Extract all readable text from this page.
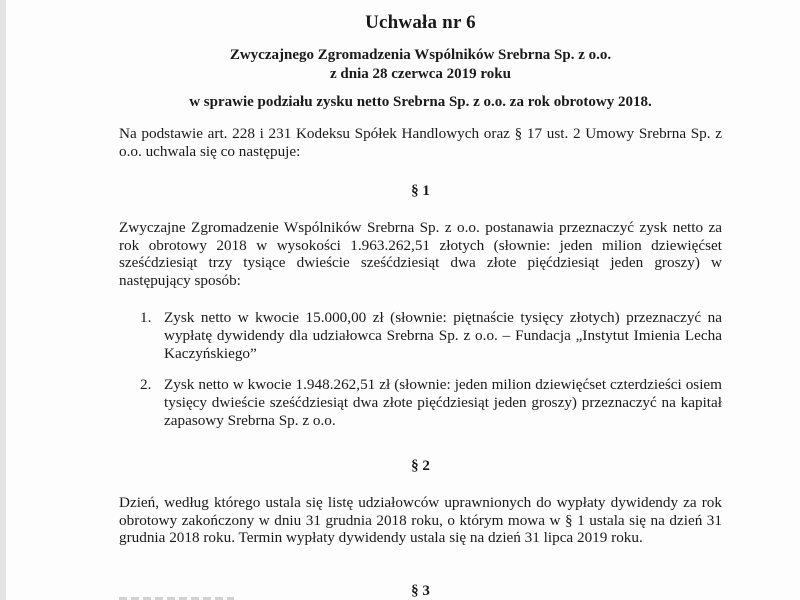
Uchwała nr 6
Zwyczajnego Zgromadzenia Wspólników Srebrna Sp. z o.o.
z dnia 28 czerwca 2019 roku
w sprawie podziału zysku netto Srebrna Sp. z o.o. za rok obrotowy 2018.
Na podstawie art. 228 i 231 Kodeksu Spółek Handlowych oraz § 17 ust. 2 Umowy Srebrna Sp. z o.o. uchwala się co następuje:
§ 1
Zwyczajne Zgromadzenie Wspólników Srebrna Sp. z o.o. postanawia przeznaczyć zysk netto za rok obrotowy 2018 w wysokości 1.963.262,51 złotych (słownie: jeden milion dziewięćset sześćdziesiąt trzy tysiące dwieście sześćdziesiąt dwa złote pięćdziesiąt jeden groszy) w następujący sposób:
1. Zysk netto w kwocie 15.000,00 zł (słownie: piętnaście tysięcy złotych) przeznaczyć na wypłatę dywidendy dla udziałowca Srebrna Sp. z o.o. – Fundacja „Instytut Imienia Lecha Kaczyńskiego”
2. Zysk netto w kwocie 1.948.262,51 zł (słownie: jeden milion dziewięćset czterdzieści osiem tysięcy dwieście sześćdziesiąt dwa złote pięćdziesiąt jeden groszy) przeznaczyć na kapitał zapasowy Srebrna Sp. z o.o.
§ 2
Dzień, według którego ustala się listę udziałowców uprawnionych do wypłaty dywidendy za rok obrotowy zakończony w dniu 31 grudnia 2018 roku, o którym mowa w § 1 ustala się na dzień 31 grudnia 2018 roku. Termin wypłaty dywidendy ustala się na dzień 31 lipca 2019 roku.
§ 3
